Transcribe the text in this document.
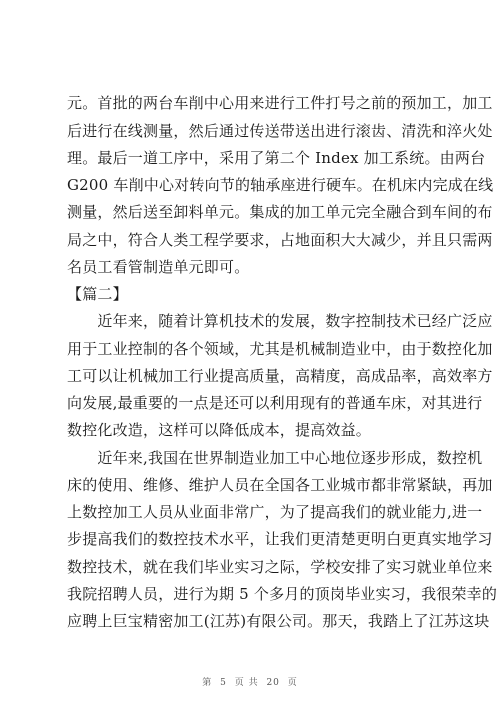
元。首批的两台车削中心用来进行工件打号之前的预加工，加工
后进行在线测量，然后通过传送带送出进行滚齿、清洗和淬火处
理。最后一道工序中，采用了第二个 Index 加工系统。由两台
G200 车削中心对转向节的轴承座进行硬车。在机床内完成在线
测量，然后送至卸料单元。集成的加工单元完全融合到车间的布
局之中，符合人类工程学要求，占地面积大大减少，并且只需两
名员工看管制造单元即可。
【篇二】
　　近年来，随着计算机技术的发展，数字控制技术已经广泛应
用于工业控制的各个领域，尤其是机械制造业中，由于数控化加
工可以让机械加工行业提高质量，高精度，高成品率，高效率方
向发展,最重要的一点是还可以利用现有的普通车床，对其进行
数控化改造，这样可以降低成本，提高效益。
　　近年来,我国在世界制造业加工中心地位逐步形成，数控机
床的使用、维修、维护人员在全国各工业城市都非常紧缺，再加
上数控加工人员从业面非常广，为了提高我们的就业能力,进一
步提高我们的数控技术水平，让我们更清楚更明白更真实地学习
数控技术，就在我们毕业实习之际，学校安排了实习就业单位来
我院招聘人员，进行为期 5 个多月的顶岗毕业实习，我很荣幸的
应聘上巨宝精密加工(江苏)有限公司。那天，我踏上了江苏这块
第 5 页 共 20 页
